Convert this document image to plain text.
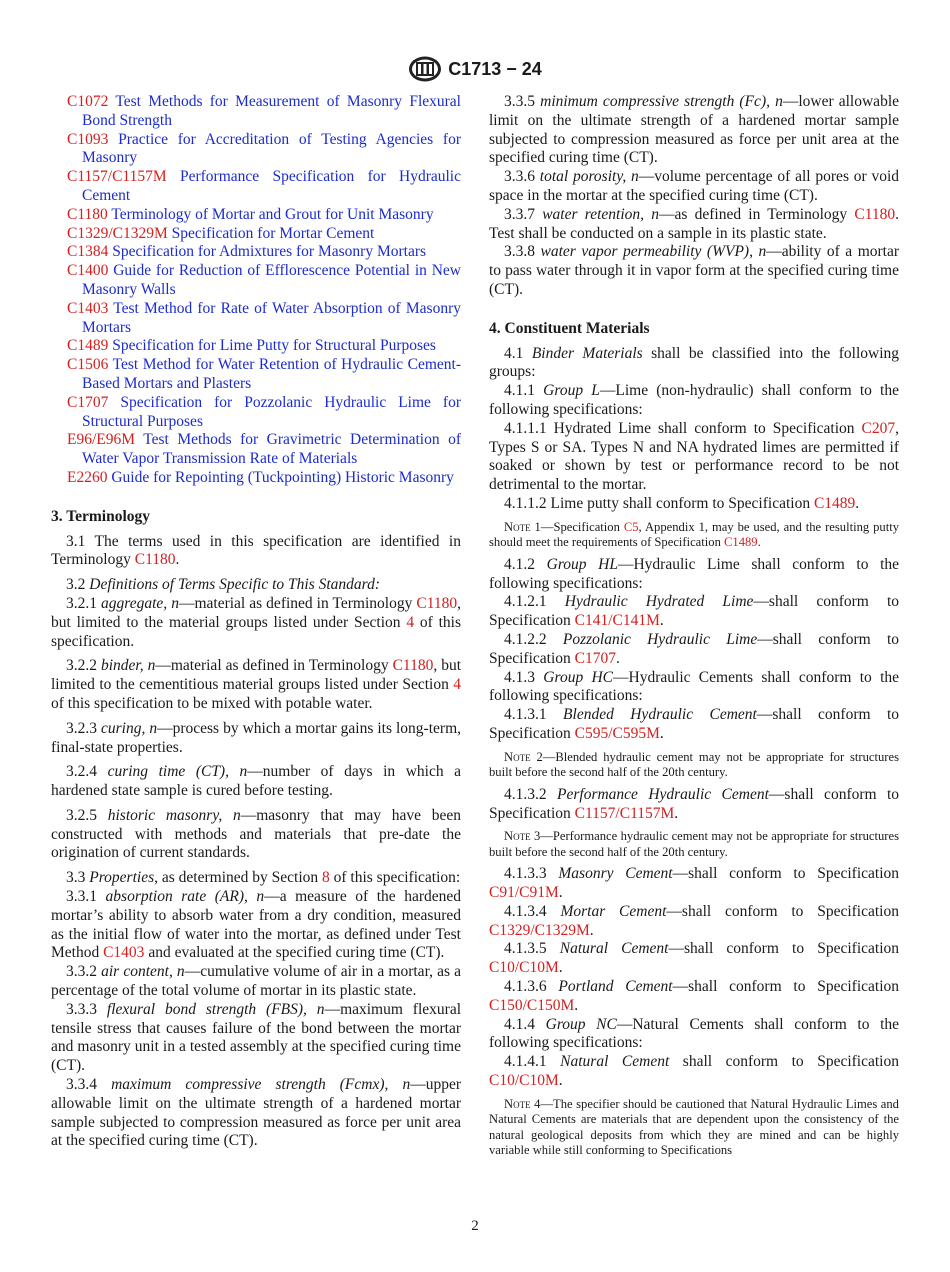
C1713 − 24

C1072 Test Methods for Measurement of Masonry Flexural Bond Strength

C1093 Practice for Accreditation of Testing Agencies for Masonry

C1157/C1157M Performance Specification for Hydraulic Cement

C1180 Terminology of Mortar and Grout for Unit Masonry

C1329/C1329M Specification for Mortar Cement

C1384 Specification for Admixtures for Masonry Mortars

C1400 Guide for Reduction of Efflorescence Potential in New Masonry Walls

C1403 Test Method for Rate of Water Absorption of Masonry Mortars

C1489 Specification for Lime Putty for Structural Purposes

C1506 Test Method for Water Retention of Hydraulic Cement-Based Mortars and Plasters

C1707 Specification for Pozzolanic Hydraulic Lime for Structural Purposes

E96/E96M Test Methods for Gravimetric Determination of Water Vapor Transmission Rate of Materials

E2260 Guide for Repointing (Tuckpointing) Historic Masonry

3. Terminology

3.1 The terms used in this specification are identified in Terminology C1180.

3.2 Definitions of Terms Specific to This Standard:

3.2.1 aggregate, n—material as defined in Terminology C1180, but limited to the material groups listed under Section 4 of this specification.

3.2.2 binder, n—material as defined in Terminology C1180, but limited to the cementitious material groups listed under Section 4 of this specification to be mixed with potable water.

3.2.3 curing, n—process by which a mortar gains its long-term, final-state properties.

3.2.4 curing time (CT), n—number of days in which a hardened state sample is cured before testing.

3.2.5 historic masonry, n—masonry that may have been constructed with methods and materials that pre-date the origination of current standards.

3.3 Properties, as determined by Section 8 of this specification:

3.3.1 absorption rate (AR), n—a measure of the hardened mortar’s ability to absorb water from a dry condition, measured as the initial flow of water into the mortar, as defined under Test Method C1403 and evaluated at the specified curing time (CT).

3.3.2 air content, n—cumulative volume of air in a mortar, as a percentage of the total volume of mortar in its plastic state.

3.3.3 flexural bond strength (FBS), n—maximum flexural tensile stress that causes failure of the bond between the mortar and masonry unit in a tested assembly at the specified curing time (CT).

3.3.4 maximum compressive strength (Fcmx), n—upper allowable limit on the ultimate strength of a hardened mortar sample subjected to compression measured as force per unit area at the specified curing time (CT).

3.3.5 minimum compressive strength (Fc), n—lower allowable limit on the ultimate strength of a hardened mortar sample subjected to compression measured as force per unit area at the specified curing time (CT).

3.3.6 total porosity, n—volume percentage of all pores or void space in the mortar at the specified curing time (CT).

3.3.7 water retention, n—as defined in Terminology C1180. Test shall be conducted on a sample in its plastic state.

3.3.8 water vapor permeability (WVP), n—ability of a mortar to pass water through it in vapor form at the specified curing time (CT).

4. Constituent Materials

4.1 Binder Materials shall be classified into the following groups:

4.1.1 Group L—Lime (non-hydraulic) shall conform to the following specifications:

4.1.1.1 Hydrated Lime shall conform to Specification C207, Types S or SA. Types N and NA hydrated limes are permitted if soaked or shown by test or performance record to be not detrimental to the mortar.

4.1.1.2 Lime putty shall conform to Specification C1489.

Note 1—Specification C5, Appendix 1, may be used, and the resulting putty should meet the requirements of Specification C1489.

4.1.2 Group HL—Hydraulic Lime shall conform to the following specifications:

4.1.2.1 Hydraulic Hydrated Lime—shall conform to Specification C141/C141M.

4.1.2.2 Pozzolanic Hydraulic Lime—shall conform to Specification C1707.

4.1.3 Group HC—Hydraulic Cements shall conform to the following specifications:

4.1.3.1 Blended Hydraulic Cement—shall conform to Specification C595/C595M.

Note 2—Blended hydraulic cement may not be appropriate for structures built before the second half of the 20th century.

4.1.3.2 Performance Hydraulic Cement—shall conform to Specification C1157/C1157M.

Note 3—Performance hydraulic cement may not be appropriate for structures built before the second half of the 20th century.

4.1.3.3 Masonry Cement—shall conform to Specification C91/C91M.

4.1.3.4 Mortar Cement—shall conform to Specification C1329/C1329M.

4.1.3.5 Natural Cement—shall conform to Specification C10/C10M.

4.1.3.6 Portland Cement—shall conform to Specification C150/C150M.

4.1.4 Group NC—Natural Cements shall conform to the following specifications:

4.1.4.1 Natural Cement shall conform to Specification C10/C10M.

Note 4—The specifier should be cautioned that Natural Hydraulic Limes and Natural Cements are materials that are dependent upon the consistency of the natural geological deposits from which they are mined and can be highly variable while still conforming to Specifications

2
